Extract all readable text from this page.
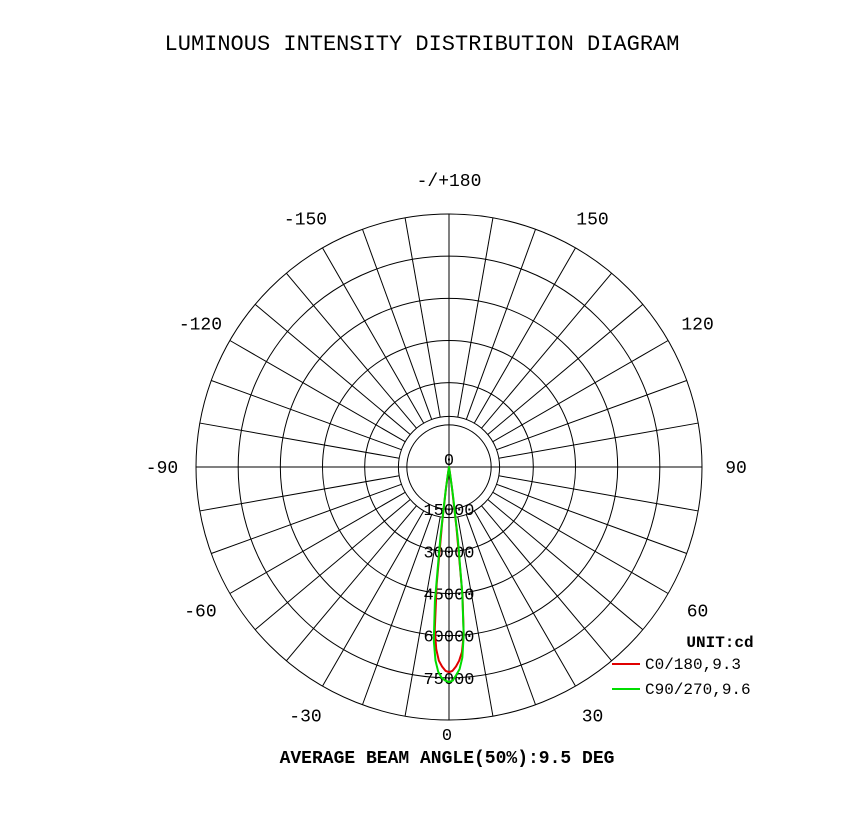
LUMINOUS INTENSITY DISTRIBUTION DIAGRAM
-/+180
-150	150
-120	120
-90	90
-60	60
-30	30
0
0
15000
30000
45000
60000
75000
UNIT:cd
C0/180,9.3
C90/270,9.6
AVERAGE BEAM ANGLE(50%):9.5 DEG
